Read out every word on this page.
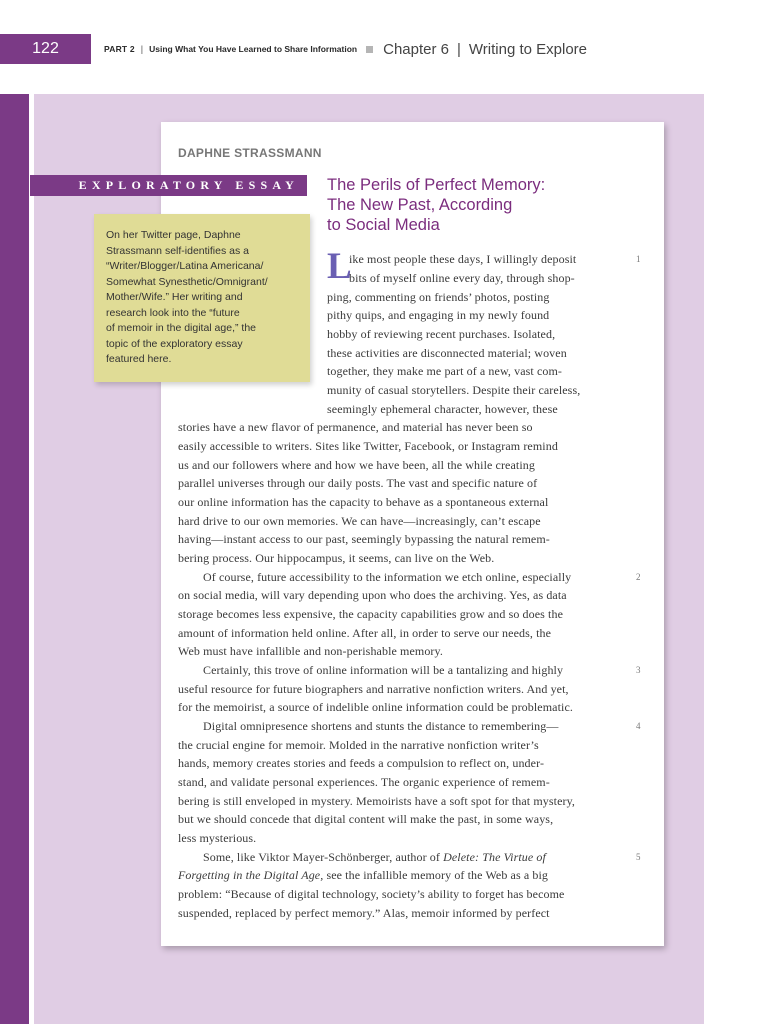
122	PART 2 | Using What You Have Learned to Share Information Chapter 6 | Writing to Explore
DAPHNE STRASSMANN
EXPLORATORY ESSAY	The Perils of Perfect Memory:
The New Past, According
to Social Media
On her Twitter page, Daphne
Strassmann self-identifies as a
“Writer/Blogger/Latina Americana/
Somewhat Synesthetic/Omnigrant/
Mother/Wife.” Her writing and
research look into the “future
of memoir in the digital age,” the
topic of the exploratory essay
featured here.
L
ike most people these days, I willingly deposit
bits of myself online every day, through shop-
ping, commenting on friends’ photos, posting
pithy quips, and engaging in my newly found
hobby of reviewing recent purchases. Isolated,
these activities are disconnected material; woven
together, they make me part of a new, vast com-
munity of casual storytellers. Despite their careless,
seemingly ephemeral character, however, these
stories have a new flavor of permanence, and material has never been so
easily accessible to writers. Sites like Twitter, Facebook, or Instagram remind
us and our followers where and how we have been, all the while creating
parallel universes through our daily posts. The vast and specific nature of
our online information has the capacity to behave as a spontaneous external
hard drive to our own memories. We can have—increasingly, can’t escape
having—instant access to our past, seemingly bypassing the natural remem-
bering process. Our hippocampus, it seems, can live on the Web.
Of course, future accessibility to the information we etch online, especially
on social media, will vary depending upon who does the archiving. Yes, as data
storage becomes less expensive, the capacity capabilities grow and so does the
amount of information held online. After all, in order to serve our needs, the
Web must have infallible and non-perishable memory.
Certainly, this trove of online information will be a tantalizing and highly
useful resource for future biographers and narrative nonfiction writers. And yet,
for the memoirist, a source of indelible online information could be problematic.
Digital omnipresence shortens and stunts the distance to remembering—
the crucial engine for memoir. Molded in the narrative nonfiction writer’s
hands, memory creates stories and feeds a compulsion to reflect on, under-
stand, and validate personal experiences. The organic experience of remem-
bering is still enveloped in mystery. Memoirists have a soft spot for that mystery,
but we should concede that digital content will make the past, in some ways,
less mysterious.
Some, like Viktor Mayer-Schönberger, author of Delete: The Virtue of
Forgetting in the Digital Age, see the infallible memory of the Web as a big
problem: “Because of digital technology, society’s ability to forget has become
suspended, replaced by perfect memory.” Alas, memoir informed by perfect
1
2
3
4
5
